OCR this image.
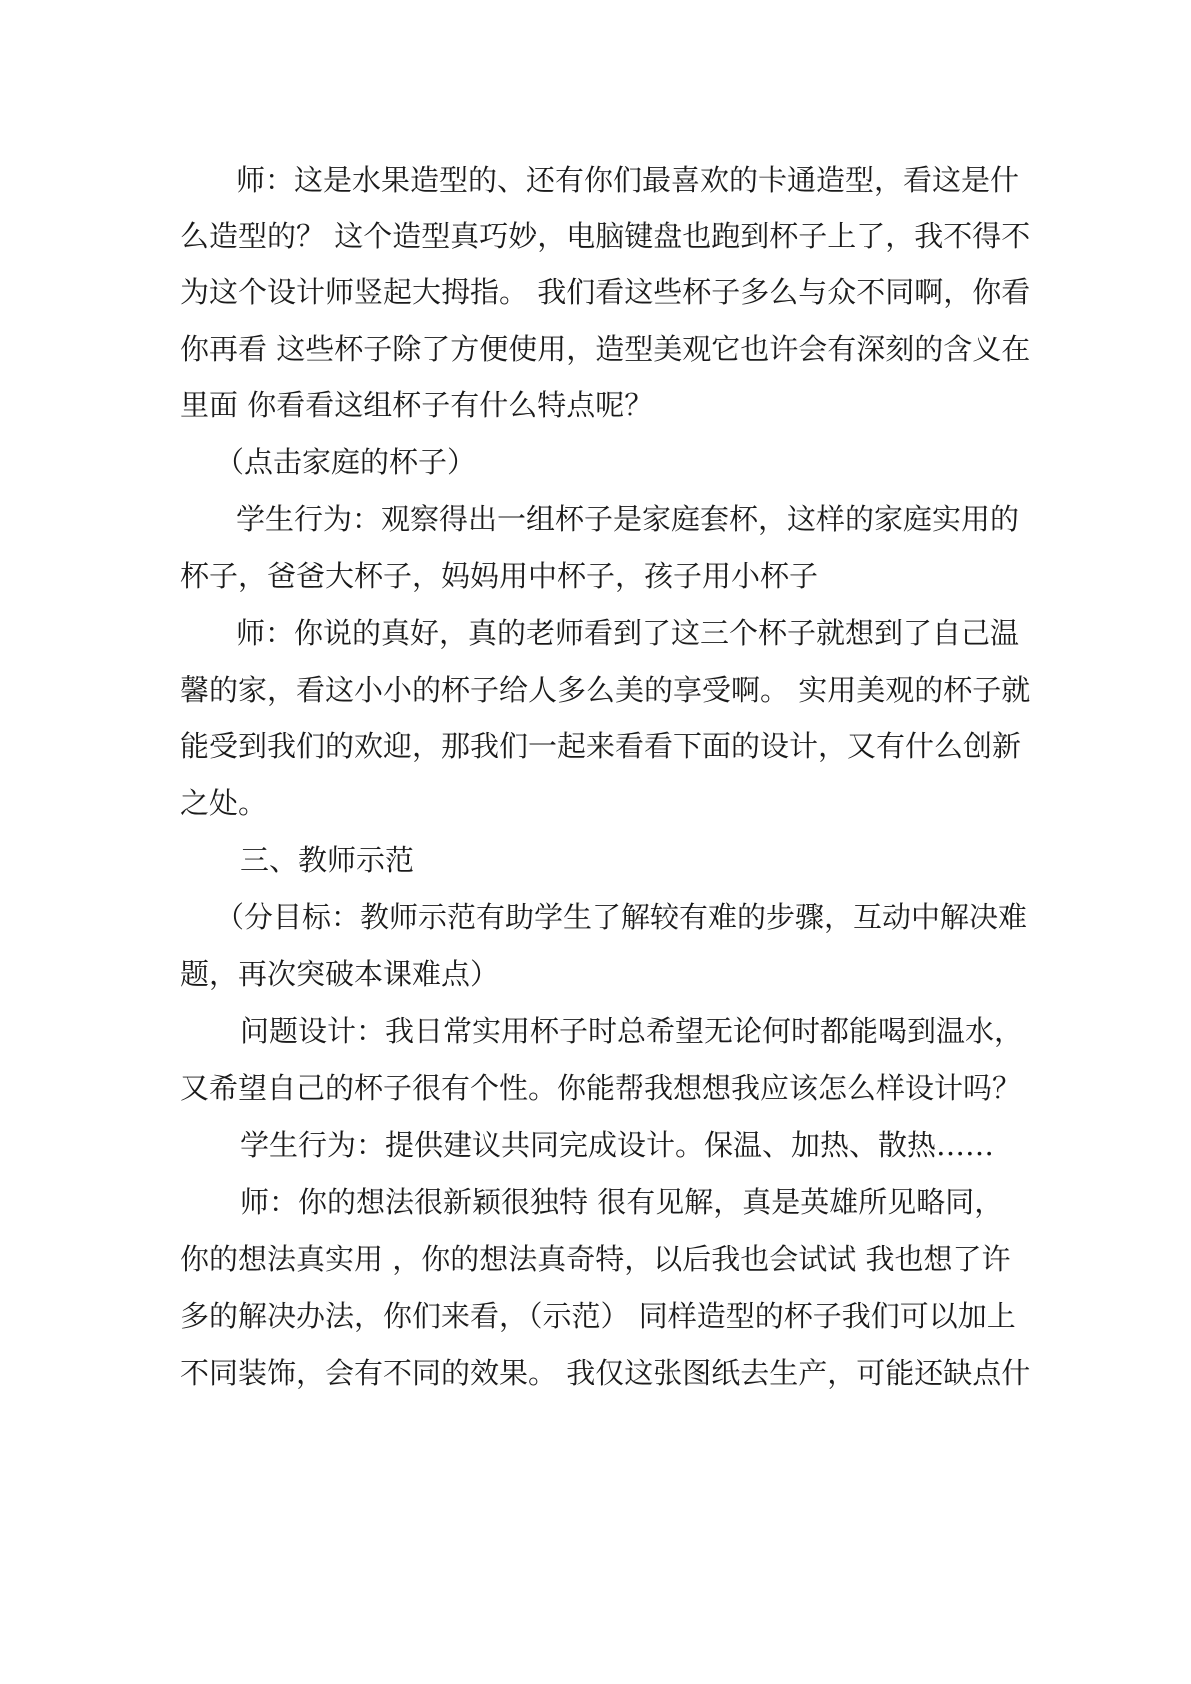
师：这是水果造型的、还有你们最喜欢的卡通造型，看这是什
么造型的？ 这个造型真巧妙，电脑键盘也跑到杯子上了，我不得不
为这个设计师竖起大拇指。 我们看这些杯子多么与众不同啊，你看
你再看 这些杯子除了方便使用，造型美观它也许会有深刻的含义在
里面 你看看这组杯子有什么特点呢？
（点击家庭的杯子）
学生行为：观察得出一组杯子是家庭套杯，这样的家庭实用的
杯子，爸爸大杯子，妈妈用中杯子，孩子用小杯子
师：你说的真好，真的老师看到了这三个杯子就想到了自己温
馨的家，看这小小的杯子给人多么美的享受啊。 实用美观的杯子就
能受到我们的欢迎，那我们一起来看看下面的设计，又有什么创新
之处。
三、教师示范
（分目标：教师示范有助学生了解较有难的步骤，互动中解决难
题，再次突破本课难点）
问题设计：我日常实用杯子时总希望无论何时都能喝到温水，
又希望自己的杯子很有个性。你能帮我想想我应该怎么样设计吗？
学生行为：提供建议共同完成设计。保温、加热、散热……
师：你的想法很新颖很独特 很有见解，真是英雄所见略同，
你的想法真实用 ，你的想法真奇特，以后我也会试试 我也想了许
多的解决办法，你们来看，（示范） 同样造型的杯子我们可以加上
不同装饰，会有不同的效果。 我仅这张图纸去生产，可能还缺点什
